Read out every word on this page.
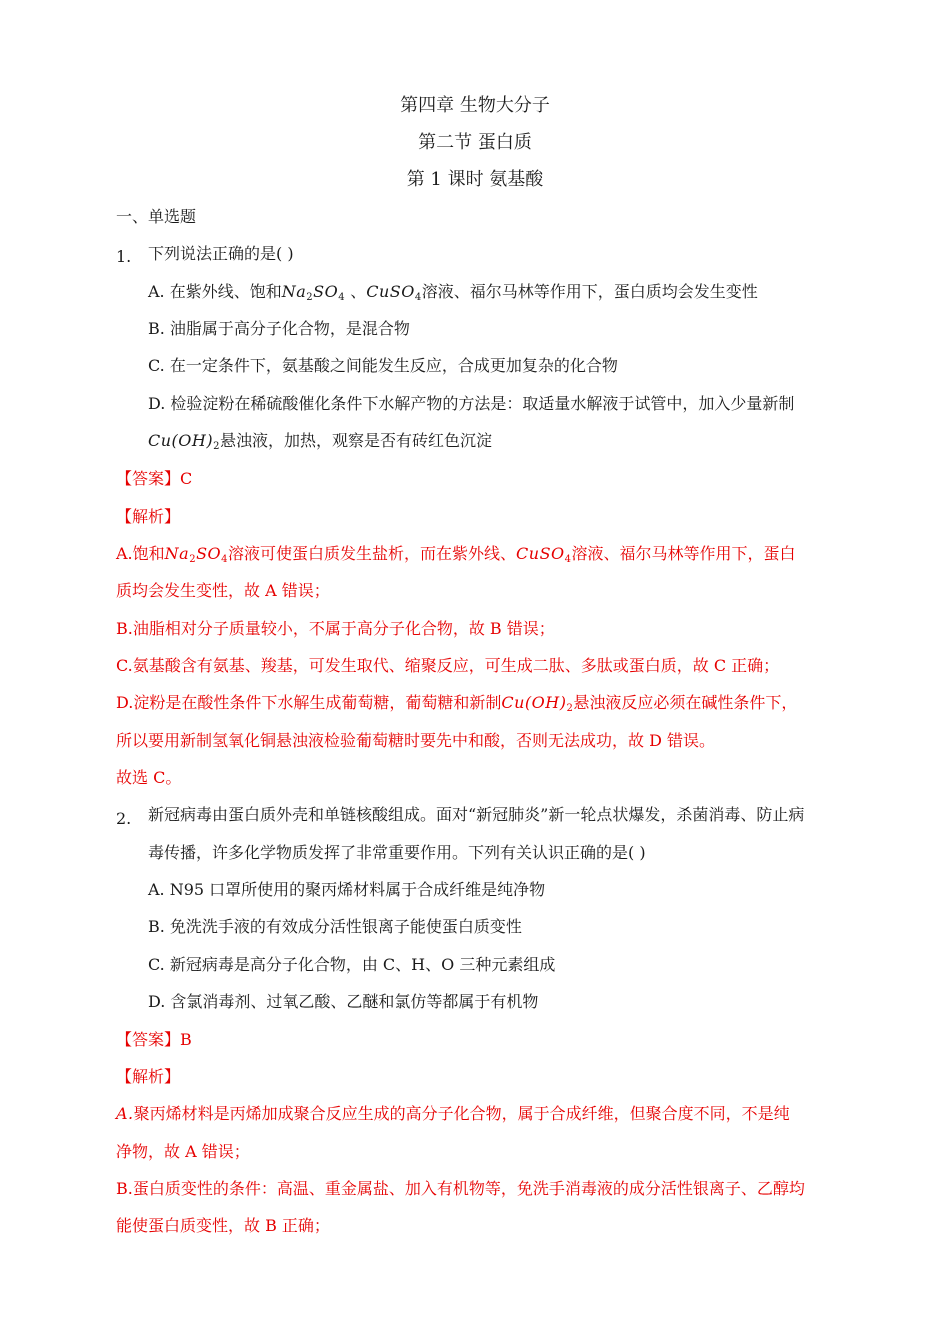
第四章 生物大分子
第二节 蛋白质
第 1 课时 氨基酸
一、单选题
1. 下列说法正确的是( )
A. 在紫外线、饱和$Na_2SO_4$ 、CuSO$_4$溶液、福尔马林等作用下，蛋白质均会发生变性
B. 油脂属于高分子化合物，是混合物
C. 在一定条件下，氨基酸之间能发生反应，合成更加复杂的化合物
D. 检验淀粉在稀硫酸催化条件下水解产物的方法是：取适量水解液于试管中，加入少量新制
$Cu(OH)_2$悬浊液，加热，观察是否有砖红色沉淀
【答案】C
【解析】
A.饱和$Na_2SO_4$溶液可使蛋白质发生盐析，而在紫外线、CuSO$_4$溶液、福尔马林等作用下，蛋白
质均会发生变性，故 A 错误；
B.油脂相对分子质量较小，不属于高分子化合物，故 B 错误；
C.氨基酸含有氨基、羧基，可发生取代、缩聚反应，可生成二肽、多肽或蛋白质，故 C 正确；
D.淀粉是在酸性条件下水解生成葡萄糖，葡萄糖和新制$Cu(OH)_2$悬浊液反应必须在碱性条件下，
所以要用新制氢氧化铜悬浊液检验葡萄糖时要先中和酸，否则无法成功，故 D 错误。
故选 C。
2. 新冠病毒由蛋白质外壳和单链核酸组成。面对“新冠肺炎”新一轮点状爆发，杀菌消毒、防止病
毒传播，许多化学物质发挥了非常重要作用。下列有关认识正确的是( )
A. N95 口罩所使用的聚丙烯材料属于合成纤维是纯净物
B. 免洗洗手液的有效成分活性银离子能使蛋白质变性
C. 新冠病毒是高分子化合物，由 C、H、O 三种元素组成
D. 含氯消毒剂、过氧乙酸、乙醚和氯仿等都属于有机物
【答案】B
【解析】
A.聚丙烯材料是丙烯加成聚合反应生成的高分子化合物，属于合成纤维，但聚合度不同，不是纯
净物，故 A 错误；
B.蛋白质变性的条件：高温、重金属盐、加入有机物等，免洗手消毒液的成分活性银离子、乙醇均
能使蛋白质变性，故 B 正确；
